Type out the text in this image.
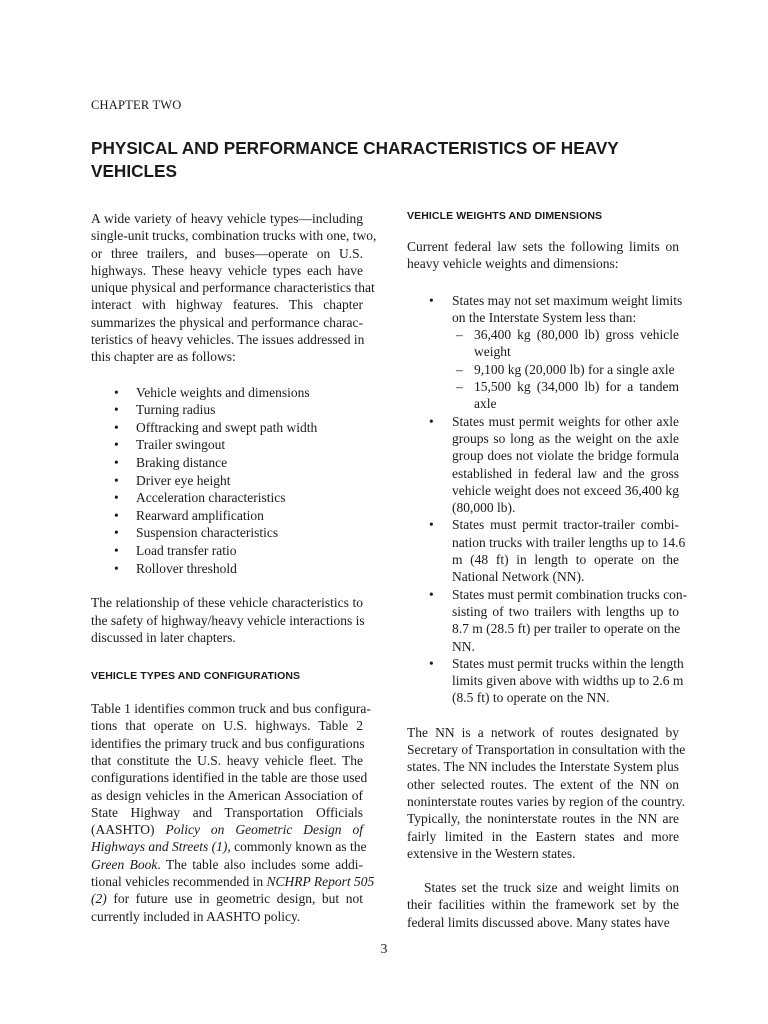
CHAPTER TWO
PHYSICAL AND PERFORMANCE CHARACTERISTICS OF HEAVY VEHICLES
A wide variety of heavy vehicle types—including
single-unit trucks, combination trucks with one, two,
or three trailers, and buses—operate on U.S.
highways. These heavy vehicle types each have
unique physical and performance characteristics that
interact with highway features. This chapter
summarizes the physical and performance charac-
teristics of heavy vehicles. The issues addressed in
this chapter are as follows:
• Vehicle weights and dimensions
• Turning radius
• Offtracking and swept path width
• Trailer swingout
• Braking distance
• Driver eye height
• Acceleration characteristics
• Rearward amplification
• Suspension characteristics
• Load transfer ratio
• Rollover threshold
The relationship of these vehicle characteristics to
the safety of highway/heavy vehicle interactions is
discussed in later chapters.
VEHICLE TYPES AND CONFIGURATIONS
Table 1 identifies common truck and bus configura-
tions that operate on U.S. highways. Table 2
identifies the primary truck and bus configurations
that constitute the U.S. heavy vehicle fleet. The
configurations identified in the table are those used
as design vehicles in the American Association of
State Highway and Transportation Officials
(AASHTO) Policy on Geometric Design of
Highways and Streets (1), commonly known as the
Green Book. The table also includes some addi-
tional vehicles recommended in NCHRP Report 505
(2) for future use in geometric design, but not
currently included in AASHTO policy.
VEHICLE WEIGHTS AND DIMENSIONS
Current federal law sets the following limits on
heavy vehicle weights and dimensions:
• States may not set maximum weight limits
on the Interstate System less than:
– 36,400 kg (80,000 lb) gross vehicle
weight
– 9,100 kg (20,000 lb) for a single axle
– 15,500 kg (34,000 lb) for a tandem
axle
• States must permit weights for other axle
groups so long as the weight on the axle
group does not violate the bridge formula
established in federal law and the gross
vehicle weight does not exceed 36,400 kg
(80,000 lb).
• States must permit tractor-trailer combi-
nation trucks with trailer lengths up to 14.6
m (48 ft) in length to operate on the
National Network (NN).
• States must permit combination trucks con-
sisting of two trailers with lengths up to
8.7 m (28.5 ft) per trailer to operate on the
NN.
• States must permit trucks within the length
limits given above with widths up to 2.6 m
(8.5 ft) to operate on the NN.
The NN is a network of routes designated by
Secretary of Transportation in consultation with the
states. The NN includes the Interstate System plus
other selected routes. The extent of the NN on
noninterstate routes varies by region of the country.
Typically, the noninterstate routes in the NN are
fairly limited in the Eastern states and more
extensive in the Western states.
States set the truck size and weight limits on
their facilities within the framework set by the
federal limits discussed above. Many states have
3
